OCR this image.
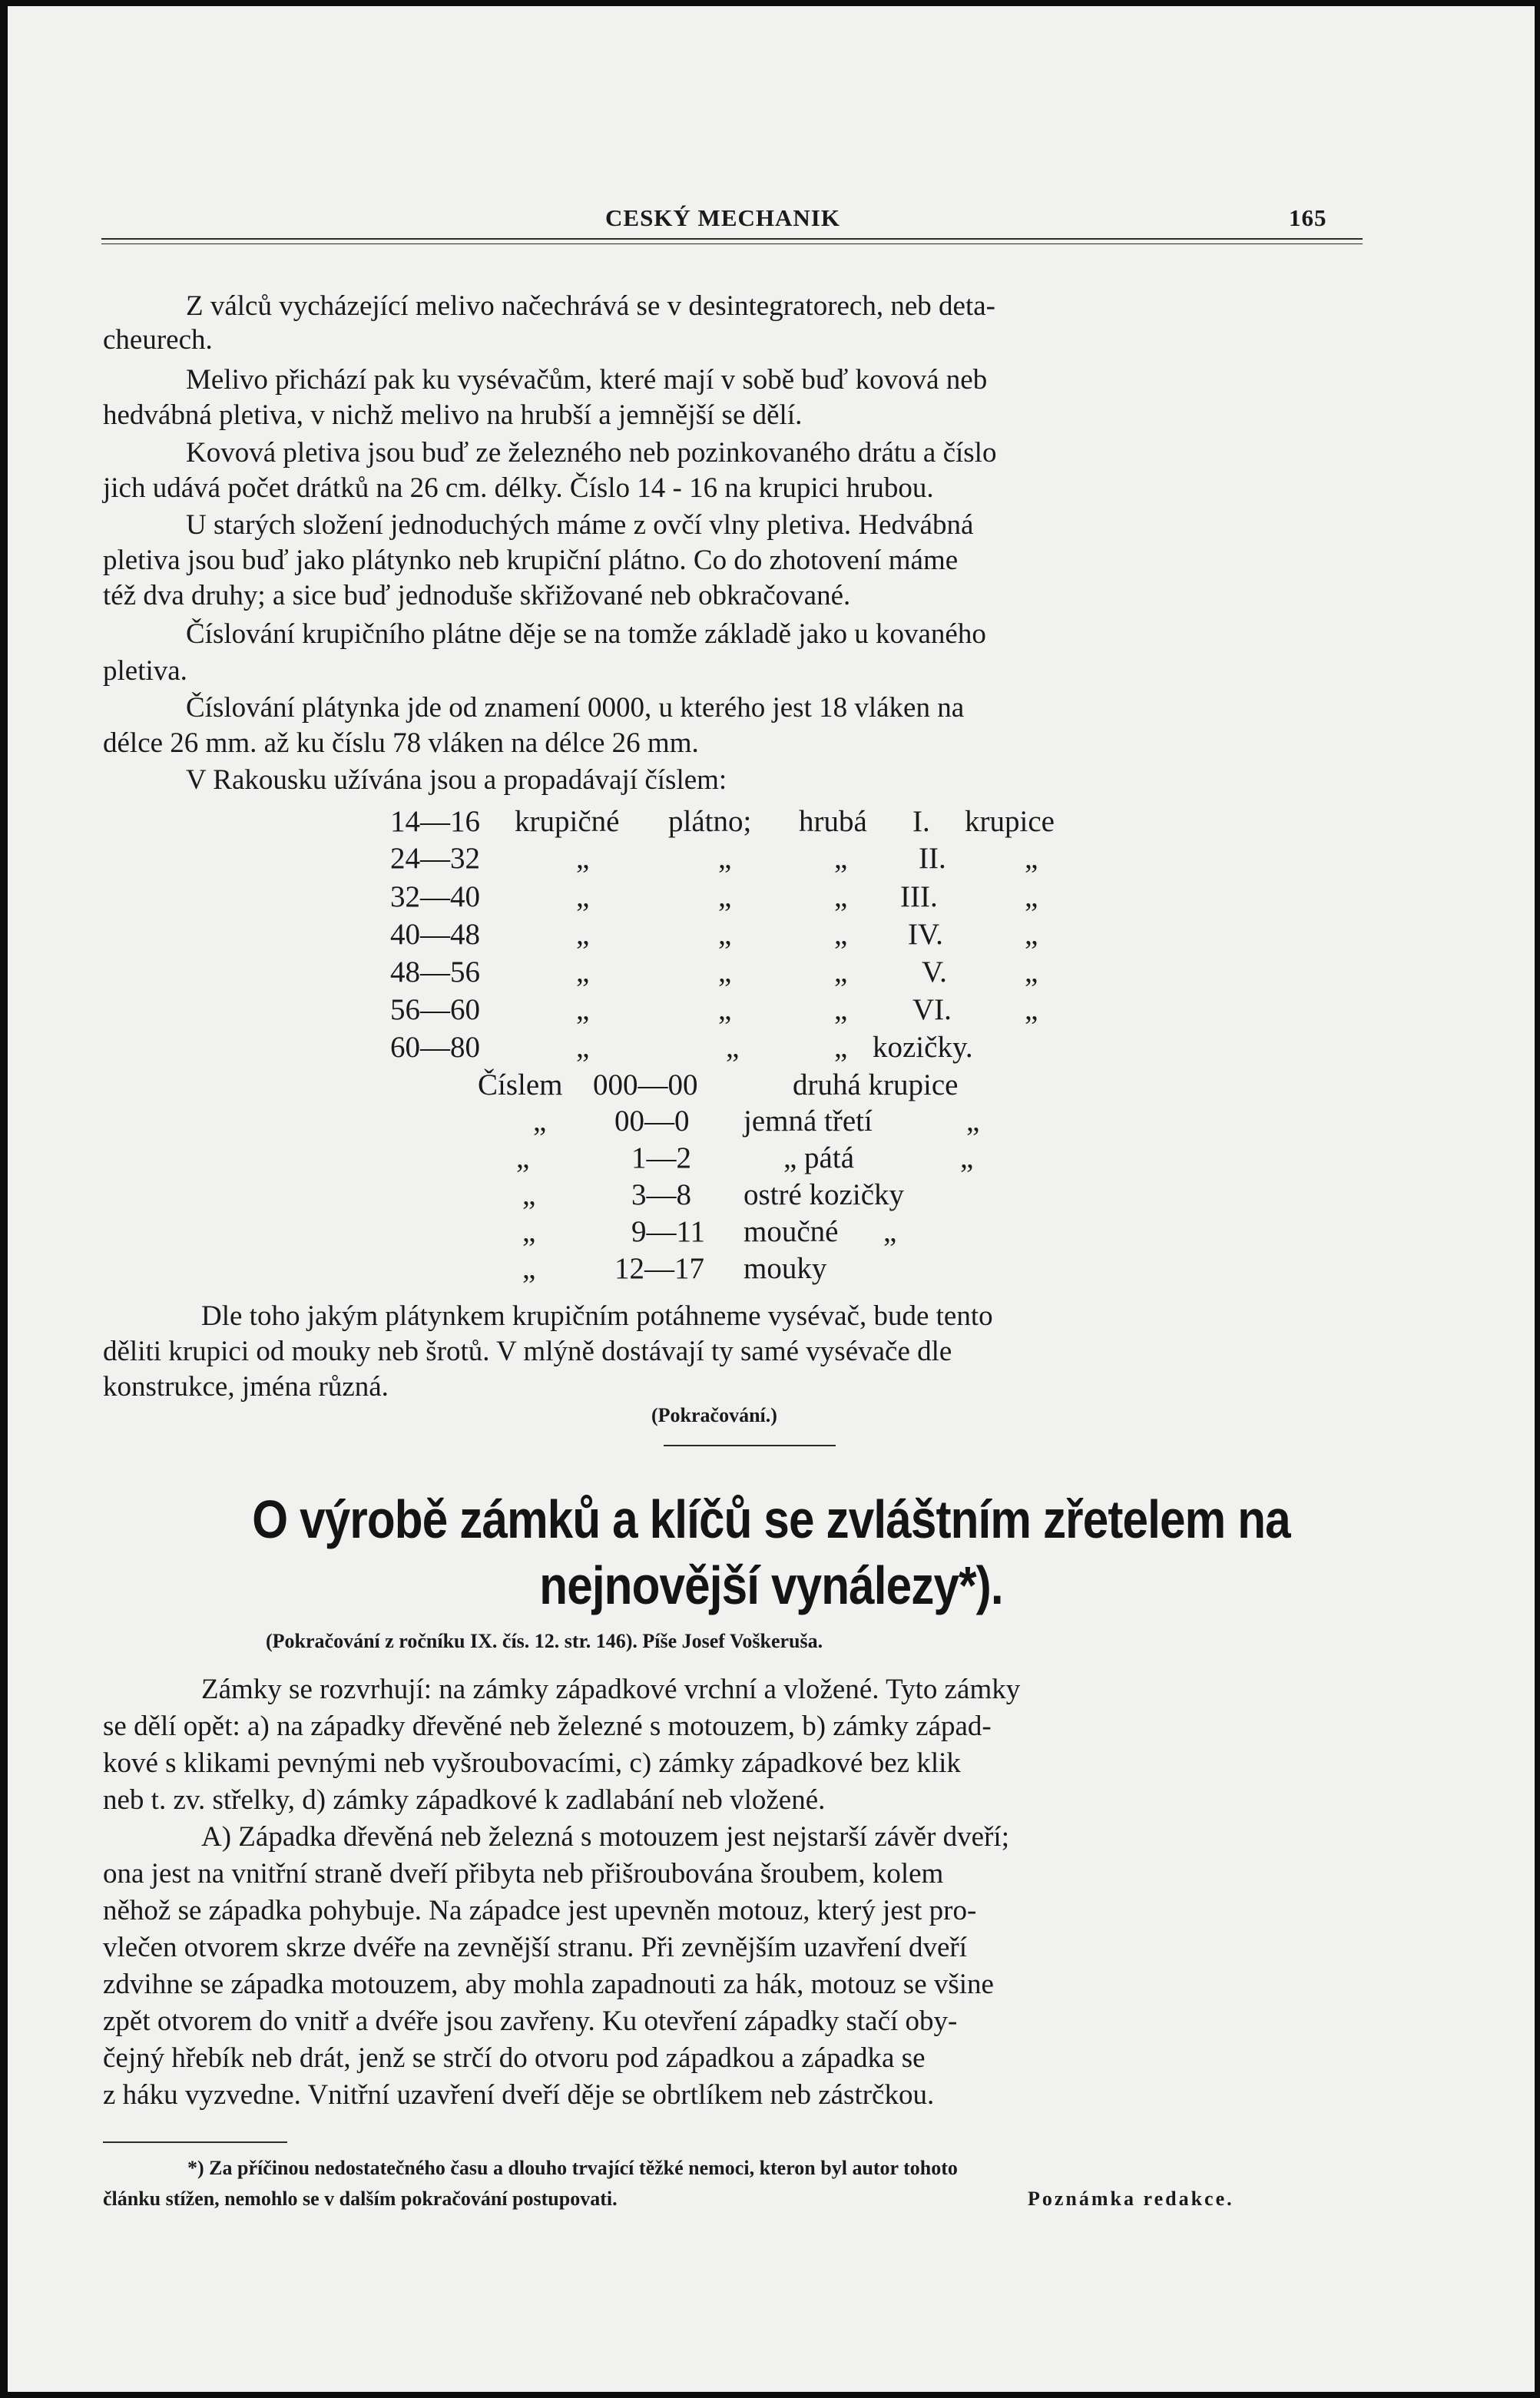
CESKÝ MECHANIK	165
Z válců vycházející melivo načechrává se v desintegratorech, neb deta-
cheurech.
Melivo přichází pak ku vysévačům, které mají v sobě buď kovová neb
hedvábná pletiva, v nichž melivo na hrubší a jemnější se dělí.
Kovová pletiva jsou buď ze železného neb pozinkovaného drátu a číslo
jich udává počet drátků na 26 cm. délky. Číslo 14 - 16 na krupici hrubou.
U starých složení jednoduchých máme z ovčí vlny pletiva. Hedvábná
pletiva jsou buď jako plátynko neb krupiční plátno. Co do zhotovení máme
též dva druhy; a sice buď jednoduše skřižované neb obkračované.
Číslování krupičního plátne děje se na tomže základě jako u kovaného
pletiva.
Číslování plátynka jde od znamení 0000, u kterého jest 18 vláken na
délce 26 mm. až ku číslu 78 vláken na délce 26 mm.
V Rakousku užívána jsou a propadávají číslem:
14—16 krupičné plátno; hrubá I. krupice
24—32	„	„	„ II.	„
32—40	„	„	„ III.	„
40—48	„	„	„ IV.	„
48—56	„	„	„ V.	„
56—60	„	„	„ VI. „
60—80	„	„	„ kozičky.
Číslem 000—00	druhá krupice
„ 00—0 jemná třetí	„
„	1—2	„ pátá	„
„	3—8 ostré kozičky
„	9—11 moučné „
„	12—17 mouky
Dle toho jakým plátynkem krupičním potáhneme vysévač, bude tento
děliti krupici od mouky neb šrotů. V mlýně dostávají ty samé vysévače dle
konstrukce, jména různá.
(Pokračování.)
O výrobě zámků a klíčů se zvláštním zřetelem na
nejnovější vynálezy*).
(Pokračování z ročníku IX. čís. 12. str. 146). Píše Josef Voškeruša.
Zámky se rozvrhují: na zámky západkové vrchní a vložené. Tyto zámky
se dělí opět: a) na západky dřevěné neb železné s motouzem, b) zámky západ-
kové s klikami pevnými neb vyšroubovacími, c) zámky západkové bez klik
neb t. zv. střelky, d) zámky západkové k zadlabání neb vložené.
A) Západka dřevěná neb železná s motouzem jest nejstarší závěr dveří;
ona jest na vnitřní straně dveří přibyta neb přišroubována šroubem, kolem
něhož se západka pohybuje. Na západce jest upevněn motouz, který jest pro-
vlečen otvorem skrze dvéře na zevnější stranu. Při zevnějším uzavření dveří
zdvihne se západka motouzem, aby mohla zapadnouti za hák, motouz se všine
zpět otvorem do vnitř a dvéře jsou zavřeny. Ku otevření západky stačí oby-
čejný hřebík neb drát, jenž se strčí do otvoru pod západkou a západka se
z háku vyzvedne. Vnitřní uzavření dveří děje se obrtlíkem neb zástrčkou.
*) Za příčinou nedostatečného času a dlouho trvající těžké nemoci, kteron byl autor tohoto
článku stížen, nemohlo se v dalším pokračování postupovati.	Poznámka redakce.
